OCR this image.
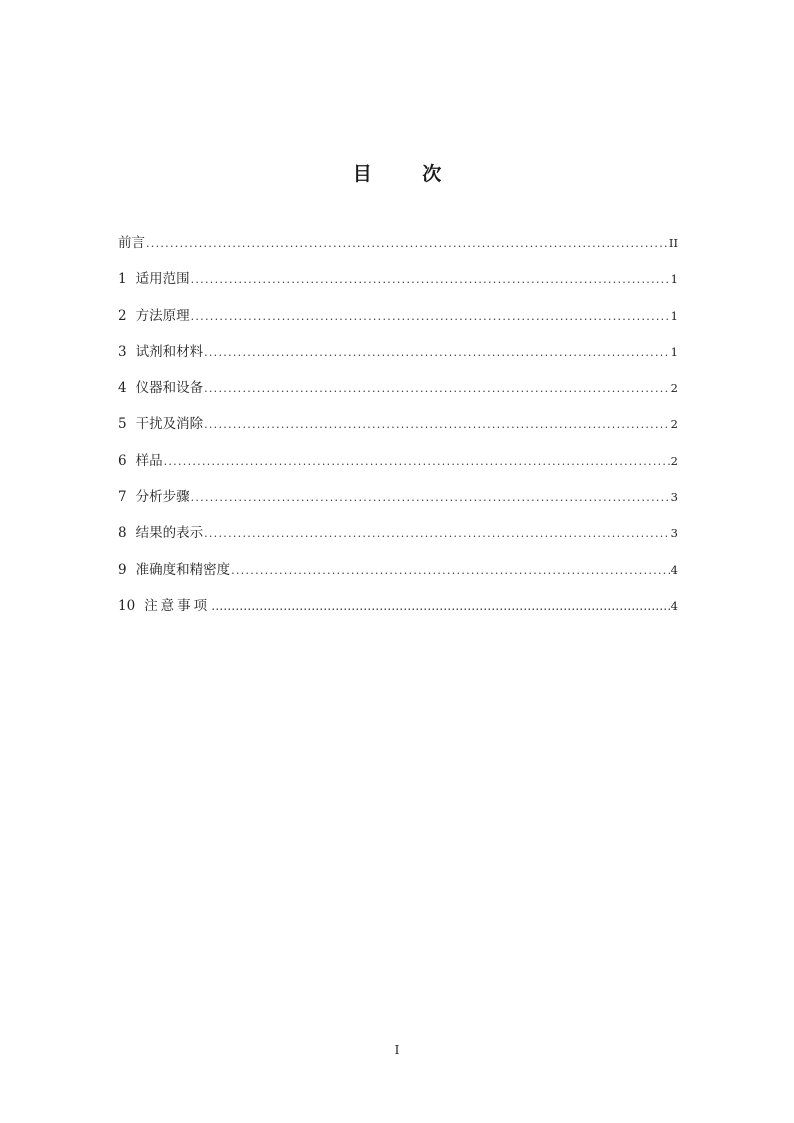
目 次
前言 .....	II
1 适用范围 .....	1
2 方法原理 .....	1
3 试剂和材料 .....	1
4 仪器和设备 .....	2
5 干扰及消除 .....	2
6 样品 .....	2
7 分析步骤 .....	3
8 结果的表示 .....	3
9 准确度和精密度 .....	4
10 注意事项 ……………………………………………………………………………………………………………………………………………………	4
I
